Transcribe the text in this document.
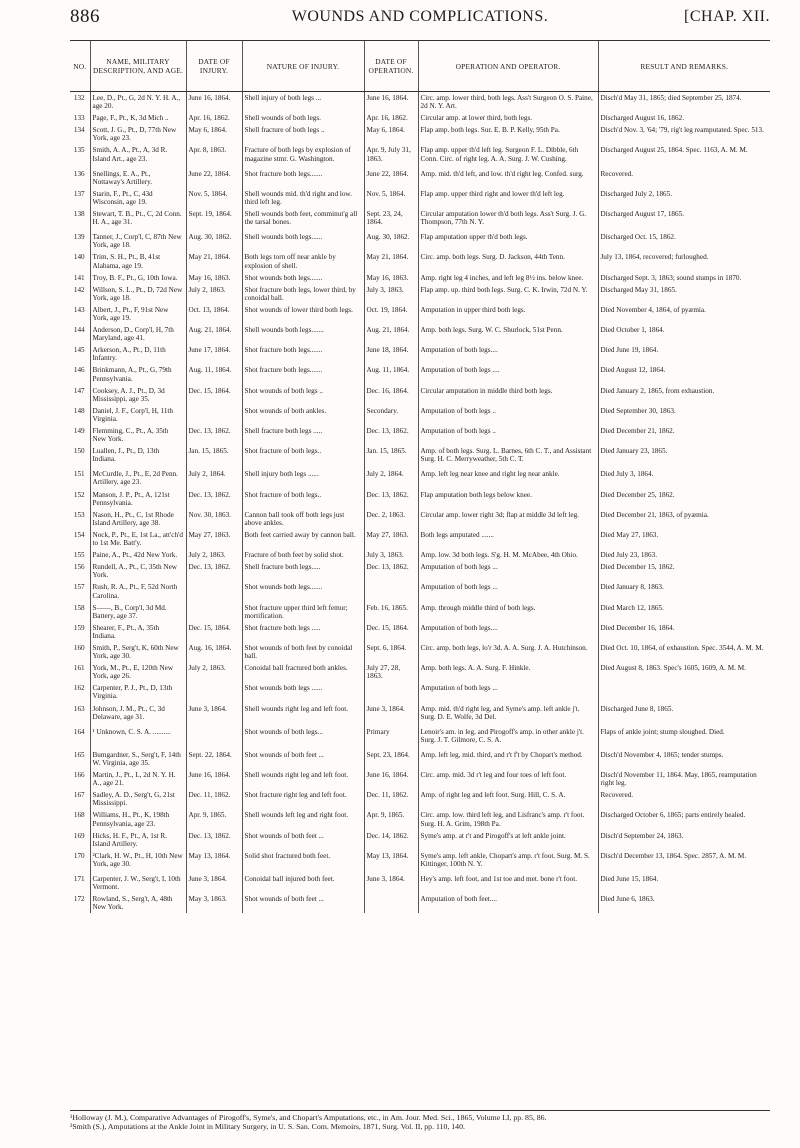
886	WOUNDS AND COMPLICATIONS.	[CHAP. XII.
NO.	NAME, MILITARY DESCRIPTION, AND AGE.	DATE OF INJURY.	NATURE OF INJURY.	DATE OF OPERATION.	OPERATION AND OPERATOR.	RESULT AND REMARKS.
132	Lee, D., Pt., G, 2d N. Y. H. A., age 20.	June 16, 1864.	Shell injury of both legs ...	June 16, 1864.	Circ. amp. lower third, both legs. Ass't Surgeon O. S. Paine, 2d N. Y. Art.	Disch'd May 31, 1865; died September 25, 1874.
133	Page, F., Pt., K, 3d Mich ..	Apr. 16, 1862.	Shell wounds of both legs.	Apr. 16, 1862.	Circular amp. at lower third, both legs.	Discharged August 16, 1862.
134	Scott, J. G., Pt., D, 77th New York, age 23.	May 6, 1864.	Shell fracture of both legs ..	May 6, 1864.	Flap amp. both legs. Sur. E. B. P. Kelly, 95th Pa.	Disch'd Nov. 3, '64; '79, rig't leg reamputated. Spec. 513.
135	Smith, A. A., Pt., A, 3d R. Island Art., age 23.	Apr. 8, 1863.	Fracture of both legs by explosion of magazine stmr. G. Washington.	Apr. 9, July 31, 1863.	Flap amp. upper th'd left leg. Surgeon F. L. Dibble, 6th Conn. Circ. of right leg. A. A. Surg. J. W. Cushing.	Discharged August 25, 1864. Spec. 1163, A. M. M.

136	Snellings, E. A., Pt., Nottaway's Artillery.	June 22, 1864.	Shot fracture both legs.......	June 22, 1864.	Amp. mid. th'd left, and low. th'd right leg. Confed. surg.	Recovered.
137	Starin, F., Pt., C, 43d Wisconsin, age 19.	Nov. 5, 1864.	Shell wounds mid. th'd right and low. third left leg.	Nov. 5, 1864.	Flap amp. upper third right and lower th'd left leg.	Discharged July 2, 1865.
138	Stewart, T. B., Pt., C, 2d Conn. H. A., age 31.	Sept. 19, 1864.	Shell wounds both feet, comminut'g all the tarsal bones.	Sept. 23, 24, 1864.	Circular amputation lower th'd both legs. Ass't Surg. J. G. Thompson, 77th N. Y.	Discharged August 17, 1865.

139	Tanner, J., Corp'l, C, 87th New York, age 18.	Aug. 30, 1862.	Shell wounds both legs......	Aug. 30, 1862.	Flap amputation upper th'd both legs.	Discharged Oct. 15, 1862.
140	Trim, S. H., Pt., B, 41st Alabama, age 19.	May 21, 1864.	Both legs torn off near ankle by explosion of shell.	May 21, 1864.	Circ. amp. both legs. Surg. D. Jackson, 44th Tenn.	July 13, 1864, recovered; furloughed.
141	Troy, B. F., Pt., G, 10th Iowa.	May 16, 1863.	Shot wounds both legs.......	May 16, 1863.	Amp. right leg 4 inches, and left leg 8½ ins. below knee.	Discharged Sept. 3, 1863; sound stumps in 1870.
142	Willson, S. L., Pt., D, 72d New York, age 18.	July 2, 1863.	Shot fracture both legs, lower third, by conoidal ball.	July 3, 1863.	Flap amp. up. third both legs. Surg. C. K. Irwin, 72d N. Y.	Discharged May 31, 1865.
143	Albert, J., Pt., F, 91st New York, age 19.	Oct. 13, 1864.	Shot wounds of lower third both legs.	Oct. 19, 1864.	Amputation in upper third both legs.	Died November 4, 1864, of pyæmia.
144	Anderson, D., Corp'l, H, 7th Maryland, age 41.	Aug. 21, 1864.	Shell wounds both legs.......	Aug. 21, 1864.	Amp. both legs. Surg. W. C. Shurlock, 51st Penn.	Died October 1, 1864.
145	Arkerson, A., Pt., D, 11th Infantry.	June 17, 1864.	Shot fracture both legs.......	June 18, 1864.	Amputation of both legs....	Died June 19, 1864.
146	Brinkmann, A., Pt., G, 79th Pennsylvania.	Aug. 11, 1864.	Shot fracture both legs.......	Aug. 11, 1864.	Amputation of both legs ....	Died August 12, 1864.
147	Cooksey, A. J., Pt., D, 3d Mississippi, age 35.	Dec. 15, 1864.	Shot wounds of both legs ..	Dec. 16, 1864.	Circular amputation in middle third both legs.	Died January 2, 1865, from exhaustion.
148	Daniel, J. F., Corp'l, H, 11th Virginia.		Shot wounds of both ankles.	Secondary.	Amputation of both legs ..	Died September 30, 1863.
149	Flemming, C., Pt., A, 35th New York.	Dec. 13, 1862.	Shell fracture both legs .....	Dec. 13, 1862.	Amputation of both legs ..	Died December 21, 1862.
150	Luallen, J., Pt., D, 13th Indiana.	Jan. 15, 1865.	Shot fracture of both legs..	Jan. 15, 1865.	Amp. of both legs. Surg. L. Barnes, 6th C. T., and Assistant Surg. H. C. Merryweather, 5th C. T.	Died January 23, 1865.

151	McCurdle, J., Pt., E, 2d Penn. Artillery, age 23.	July 2, 1864.	Shell injury both legs ......	July 2, 1864.	Amp. left leg near knee and right leg near ankle.	Died July 3, 1864.
152	Manson, J. P., Pt., A, 121st Pennsylvania.	Dec. 13, 1862.	Shot fracture of both legs..	Dec. 13, 1862.	Flap amputation both legs below knee.	Died December 25, 1862.
153	Nason, H., Pt., C, 1st Rhode Island Artillery, age 38.	Nov. 30, 1863.	Cannon ball took off both legs just above ankles.	Dec. 2, 1863.	Circular amp. lower right 3d; flap at middle 3d left leg.	Died December 21, 1863, of pyæmia.
154	Nock, P., Pt., E, 1st La., att'ch'd to 1st Me. Batt'y.	May 27, 1863.	Both feet carried away by cannon ball.	May 27, 1863.	Both legs amputated .......	Died May 27, 1863.
155	Paine, A., Pt., 42d New York.	July 2, 1863.	Fracture of both feet by solid shot.	July 3, 1863.	Amp. low. 3d both legs. S'g. H. M. McAbee, 4th Ohio.	Died July 23, 1863.
156	Rundell, A., Pt., C, 35th New York.	Dec. 13, 1862.	Shell fracture both legs.....	Dec. 13, 1862.	Amputation of both legs ...	Died December 15, 1862.
157	Rush, R. A., Pt., F, 52d North Carolina.		Shot wounds both legs.......		Amputation of both legs ...	Died January 8, 1863.
158	S——, B., Corp'l, 3d Md. Battery, age 37.		Shot fracture upper third left femur; mortification.	Feb. 16, 1865.	Amp. through middle third of both legs.	Died March 12, 1865.
159	Shearer, F., Pt., A, 35th Indiana.	Dec. 15, 1864.	Shot fracture both legs .....	Dec. 15, 1864.	Amputation of both legs....	Died December 16, 1864.
160	Smith, P., Serg't, K, 60th New York, age 30.	Aug. 16, 1864.	Shot wounds of both feet by conoidal ball.	Sept. 6, 1864.	Circ. amp. both legs, lo'r 3d. A. A. Surg. J. A. Hutchinson.	Died Oct. 10, 1864, of exhaustion. Spec. 3544, A. M. M.
161	York, M., Pt., E, 120th New York, age 26.	July 2, 1863.	Conoidal ball fractured both ankles.	July 27, 28, 1863.	Amp. both legs. A. A. Surg. F. Hinkle.	Died August 8, 1863. Spec's 1605, 1609, A. M. M.
162	Carpenter, P. J., Pt., D, 13th Virginia.		Shot wounds both legs ......		Amputation of both legs ...	
163	Johnson, J. M., Pt., C, 3d Delaware, age 31.	June 3, 1864.	Shell wounds right leg and left foot.	June 3, 1864.	Amp. mid. th'd right leg, and Syme's amp. left ankle j't. Surg. D. E. Wolfe, 3d Del.	Discharged June 8, 1865.

164	¹ Unknown, C. S. A. ..........		Shot wounds of both legs...	Primary	Lenoir's am. in leg, and Pirogoff's amp. in other ankle j't. Surg. J. T. Gilmore, C. S. A.	Flaps of ankle joint; stump sloughed. Died.

165	Bumgardner, S., Serg't, F, 14th W. Virginia, age 35.	Sept. 22, 1864.	Shot wounds of both feet ...	Sept. 23, 1864.	Amp. left leg, mid. third, and r't f't by Chopart's method.	Disch'd November 4, 1865; tender stumps.
166	Martin, J., Pt., L, 2d N. Y. H. A., age 21.	June 16, 1864.	Shell wounds right leg and left foot.	June 16, 1864.	Circ. amp. mid. 3d r't leg and four toes of left foot.	Disch'd November 11, 1864. May, 1865, reamputation right leg.
167	Sadley, A. D., Serg't, G, 21st Mississippi.	Dec. 11, 1862.	Shot fracture right leg and left foot.	Dec. 11, 1862.	Amp. of right leg and left foot. Surg. Hill, C. S. A.	Recovered.
168	Williams, H., Pt., K, 198th Pennsylvania, age 23.	Apr. 9, 1865.	Shell wounds left leg and right foot.	Apr. 9, 1865.	Circ. amp. low. third left leg, and Lisfranc's amp. r't foot. Surg. H. A. Grim, 198th Pa.	Discharged October 6, 1865; parts entirely healed.
169	Hicks, H. F., Pt., A, 1st R. Island Artillery.	Dec. 13, 1862.	Shot wounds of both feet ...	Dec. 14, 1862.	Syme's amp. at r't and Pirogoff's at left ankle joint.	Disch'd September 24, 1863.
170	²Clark, H. W., Pt., H, 10th New York, age 30.	May 13, 1864.	Solid shot fractured both feet.	May 13, 1864.	Syme's amp. left ankle, Chopart's amp. r't foot. Surg. M. S. Kittinger, 100th N. Y.	Disch'd December 13, 1864. Spec. 2857, A. M. M.

171	Carpenter, J. W., Serg't, I, 10th Vermont.	June 3, 1864.	Conoidal ball injured both feet.	June 3, 1864.	Hey's amp. left foot, and 1st toe and met. bone r't foot.	Died June 15, 1864.
172	Rowland, S., Serg't, A, 48th New York.	May 3, 1863.	Shot wounds of both feet ...		Amputation of both feet....	Died June 6, 1863.
¹Holloway (J. M.), Comparative Advantages of Pirogoff's, Syme's, and Chopart's Amputations, etc., in Am. Jour. Med. Sci., 1865, Volume LI, pp. 85, 86.
²Smith (S.), Amputations at the Ankle Joint in Military Surgery, in U. S. San. Com. Memoirs, 1871, Surg. Vol. II, pp. 110, 140.
